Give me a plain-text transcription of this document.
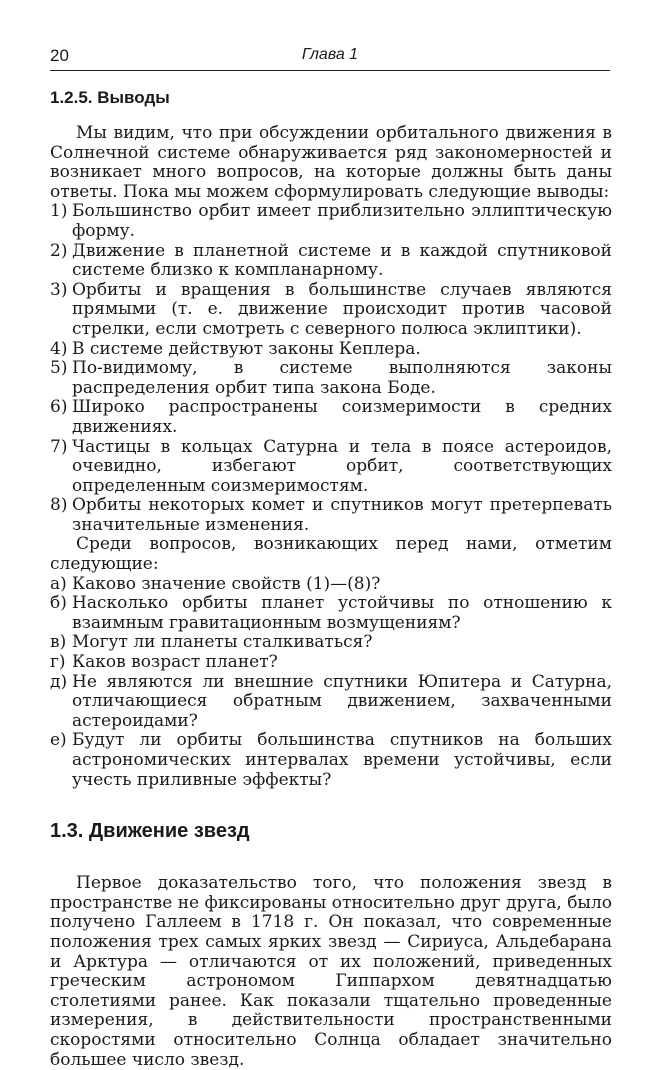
20	Глава 1
1.2.5. Выводы

Мы видим, что при обсуждении орбитального движения в Солнечной системе обнаруживается ряд закономерностей и возникает много вопросов, на которые должны быть даны ответы. Пока мы можем сформулировать следующие выводы:

1) Большинство орбит имеет приблизительно эллиптическую форму.
2) Движение в планетной системе и в каждой спутниковой системе близко к компланарному.
3) Орбиты и вращения в большинстве случаев являются прямыми (т. е. движение происходит против часовой стрелки, если смотреть с северного полюса эклиптики).
4) В системе действуют законы Кеплера.
5) По-видимому, в системе выполняются законы распределения орбит типа закона Боде.
6) Широко распространены соизмеримости в средних движениях.
7) Частицы в кольцах Сатурна и тела в поясе астероидов, очевидно, избегают орбит, соответствующих определенным соизмеримостям.
8) Орбиты некоторых комет и спутников могут претерпевать значительные изменения.

Среди вопросов, возникающих перед нами, отметим следующие:

а) Каково значение свойств (1)—(8)?
б) Насколько орбиты планет устойчивы по отношению к взаимным гравитационным возмущениям?
в) Могут ли планеты сталкиваться?
г) Каков возраст планет?
д) Не являются ли внешние спутники Юпитера и Сатурна, отличающиеся обратным движением, захваченными астероидами?
е) Будут ли орбиты большинства спутников на больших астрономических интервалах времени устойчивы, если учесть приливные эффекты?
1.3. Движение звезд

Первое доказательство того, что положения звезд в пространстве не фиксированы относительно друг друга, было получено Галлеем в 1718 г. Он показал, что современные положения трех самых ярких звезд — Сириуса, Альдебарана и Арктура — отличаются от их положений, приведенных греческим астрономом Гиппархом девятнадцатью столетиями ранее. Как показали тщательно проведенные измерения, в действительности пространственными скоростями относительно Солнца обладает значительно большее число звезд.
